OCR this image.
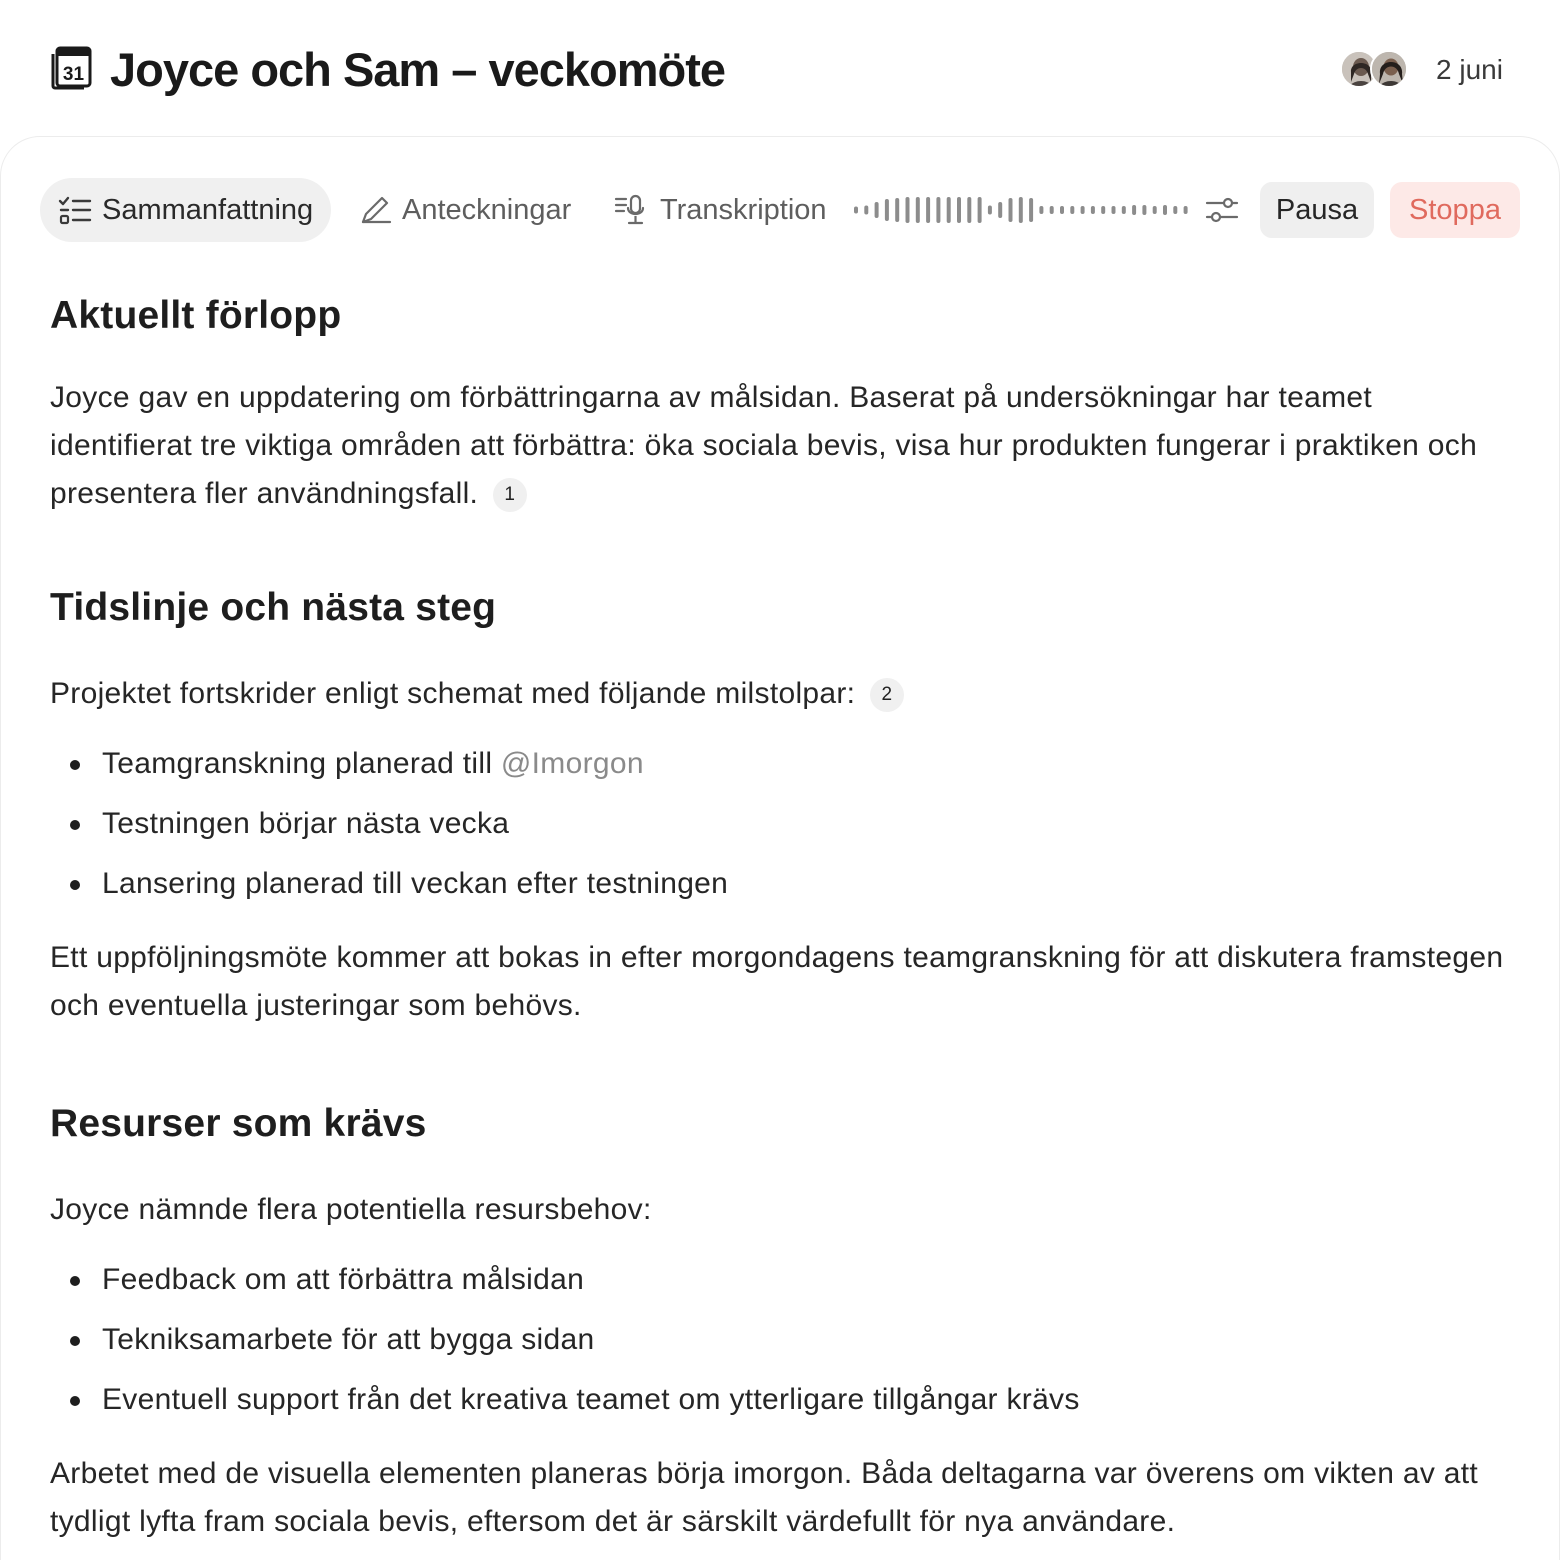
31 Joyce och Sam – veckomöte	2 juni
Sammanfattning	Anteckningar	Transkription	Pausa	Stoppa
Aktuellt förlopp

Joyce gav en uppdatering om förbättringarna av målsidan. Baserat på undersökningar har teamet identifierat tre viktiga områden att förbättra: öka sociala bevis, visa hur produkten fungerar i praktiken och presentera fler användningsfall. 1

Tidslinje och nästa steg

Projektet fortskrider enligt schemat med följande milstolpar: 2

Teamgranskning planerad till @Imorgon
Testningen börjar nästa vecka
Lansering planerad till veckan efter testningen

Ett uppföljningsmöte kommer att bokas in efter morgondagens teamgranskning för att diskutera framstegen och eventuella justeringar som behövs.

Resurser som krävs

Joyce nämnde flera potentiella resursbehov:

Feedback om att förbättra målsidan
Tekniksamarbete för att bygga sidan
Eventuell support från det kreativa teamet om ytterligare tillgångar krävs

Arbetet med de visuella elementen planeras börja imorgon. Båda deltagarna var överens om vikten av att tydligt lyfta fram sociala bevis, eftersom det är särskilt värdefullt för nya användare.
